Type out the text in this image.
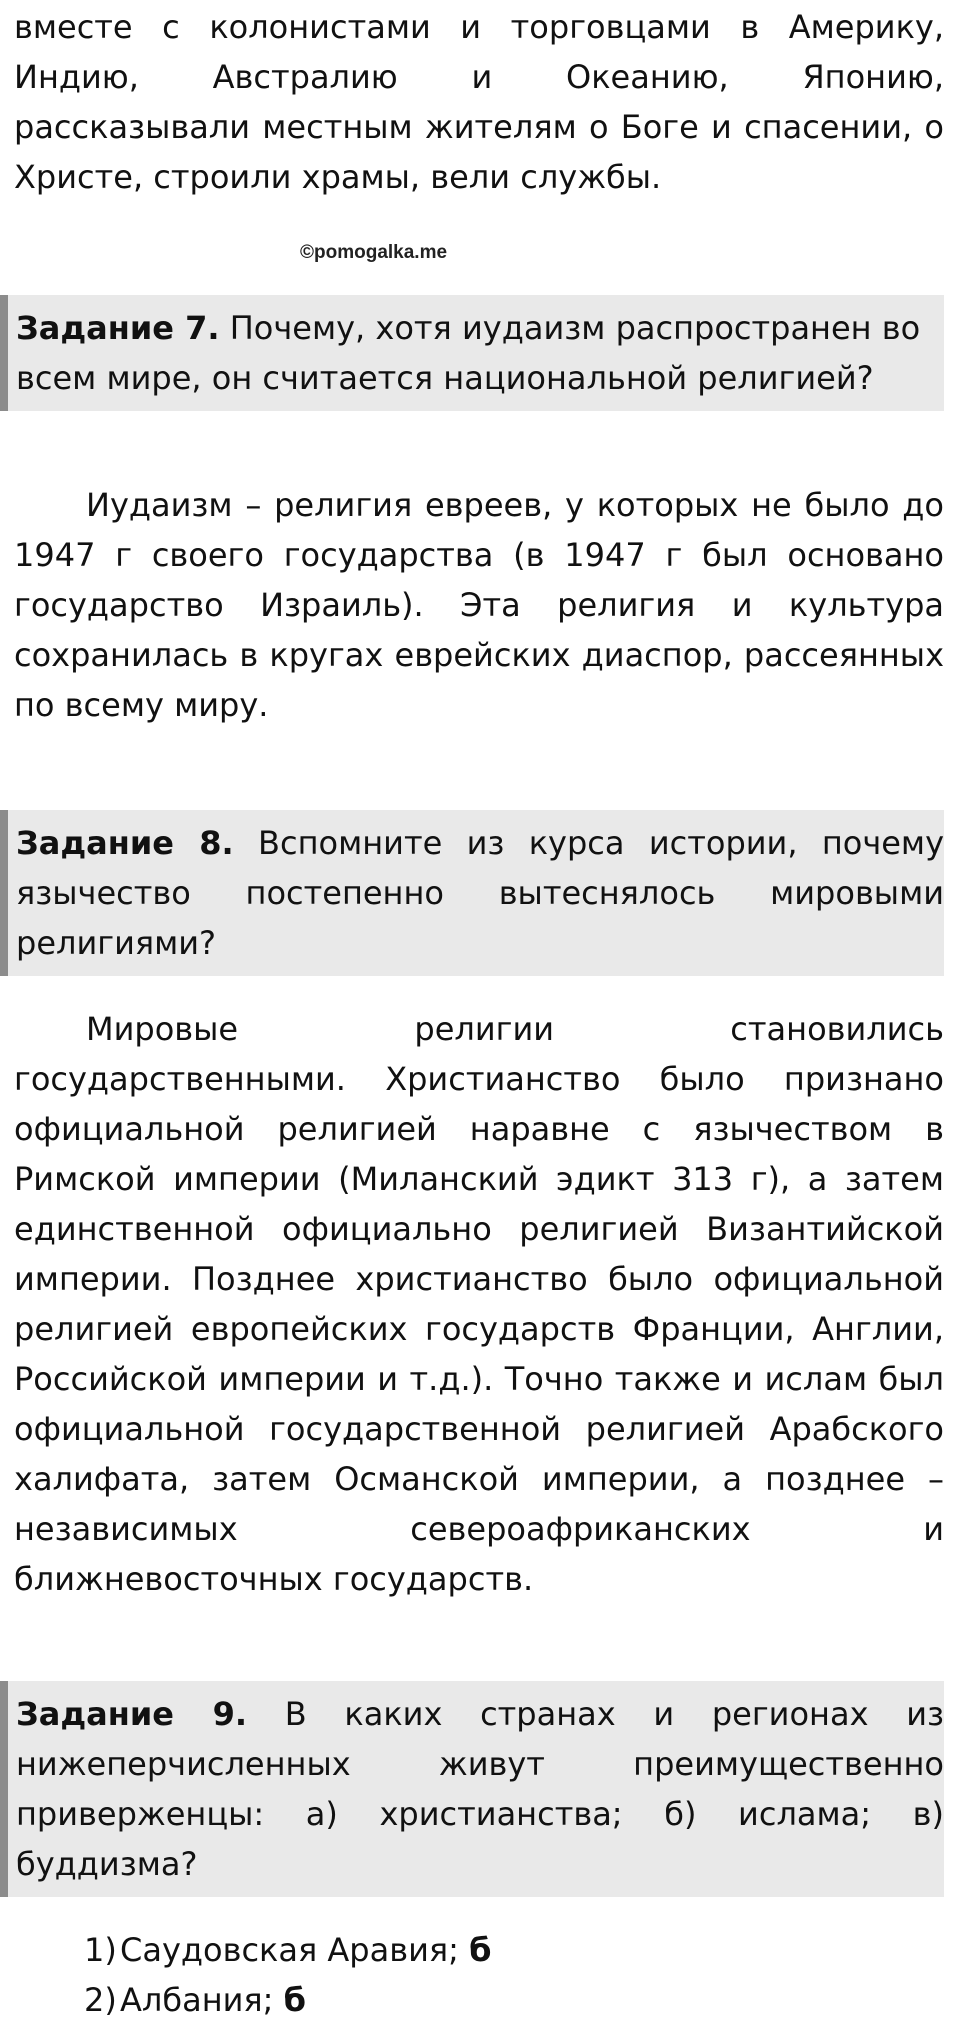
вместе с колонистами и торговцами в Америку,
Индию, Австралию и Океанию, Японию,
рассказывали местным жителям о Боге и спасении, о
Христе, строили храмы, вели службы.
©pomogalka.me
Задание 7. Почему, хотя иудаизм распространен во
всем мире, он считается национальной религией?
Иудаизм – религия евреев, у которых не было до
1947 г своего государства (в 1947 г был основано
государство Израиль). Эта религия и культура
сохранилась в кругах еврейских диаспор, рассеянных
по всему миру.
Задание 8. Вспомните из курса истории, почему
язычество постепенно вытеснялось мировыми
религиями?
Мировые религии становились
государственными. Христианство было признано
официальной религией наравне с язычеством в
Римской империи (Миланский эдикт 313 г), а затем
единственной официально религией Византийской
империи. Позднее христианство было официальной
религией европейских государств Франции, Англии,
Российской империи и т.д.). Точно также и ислам был
официальной государственной религией Арабского
халифата, затем Османской империи, а позднее –
независимых североафриканских и
ближневосточных государств.
Задание 9. В каких странах и регионах из
нижеперчисленных живут преимущественно
приверженцы: а) христианства; б) ислама; в)
буддизма?
1)Саудовская Аравия; б
2)Албания; б
